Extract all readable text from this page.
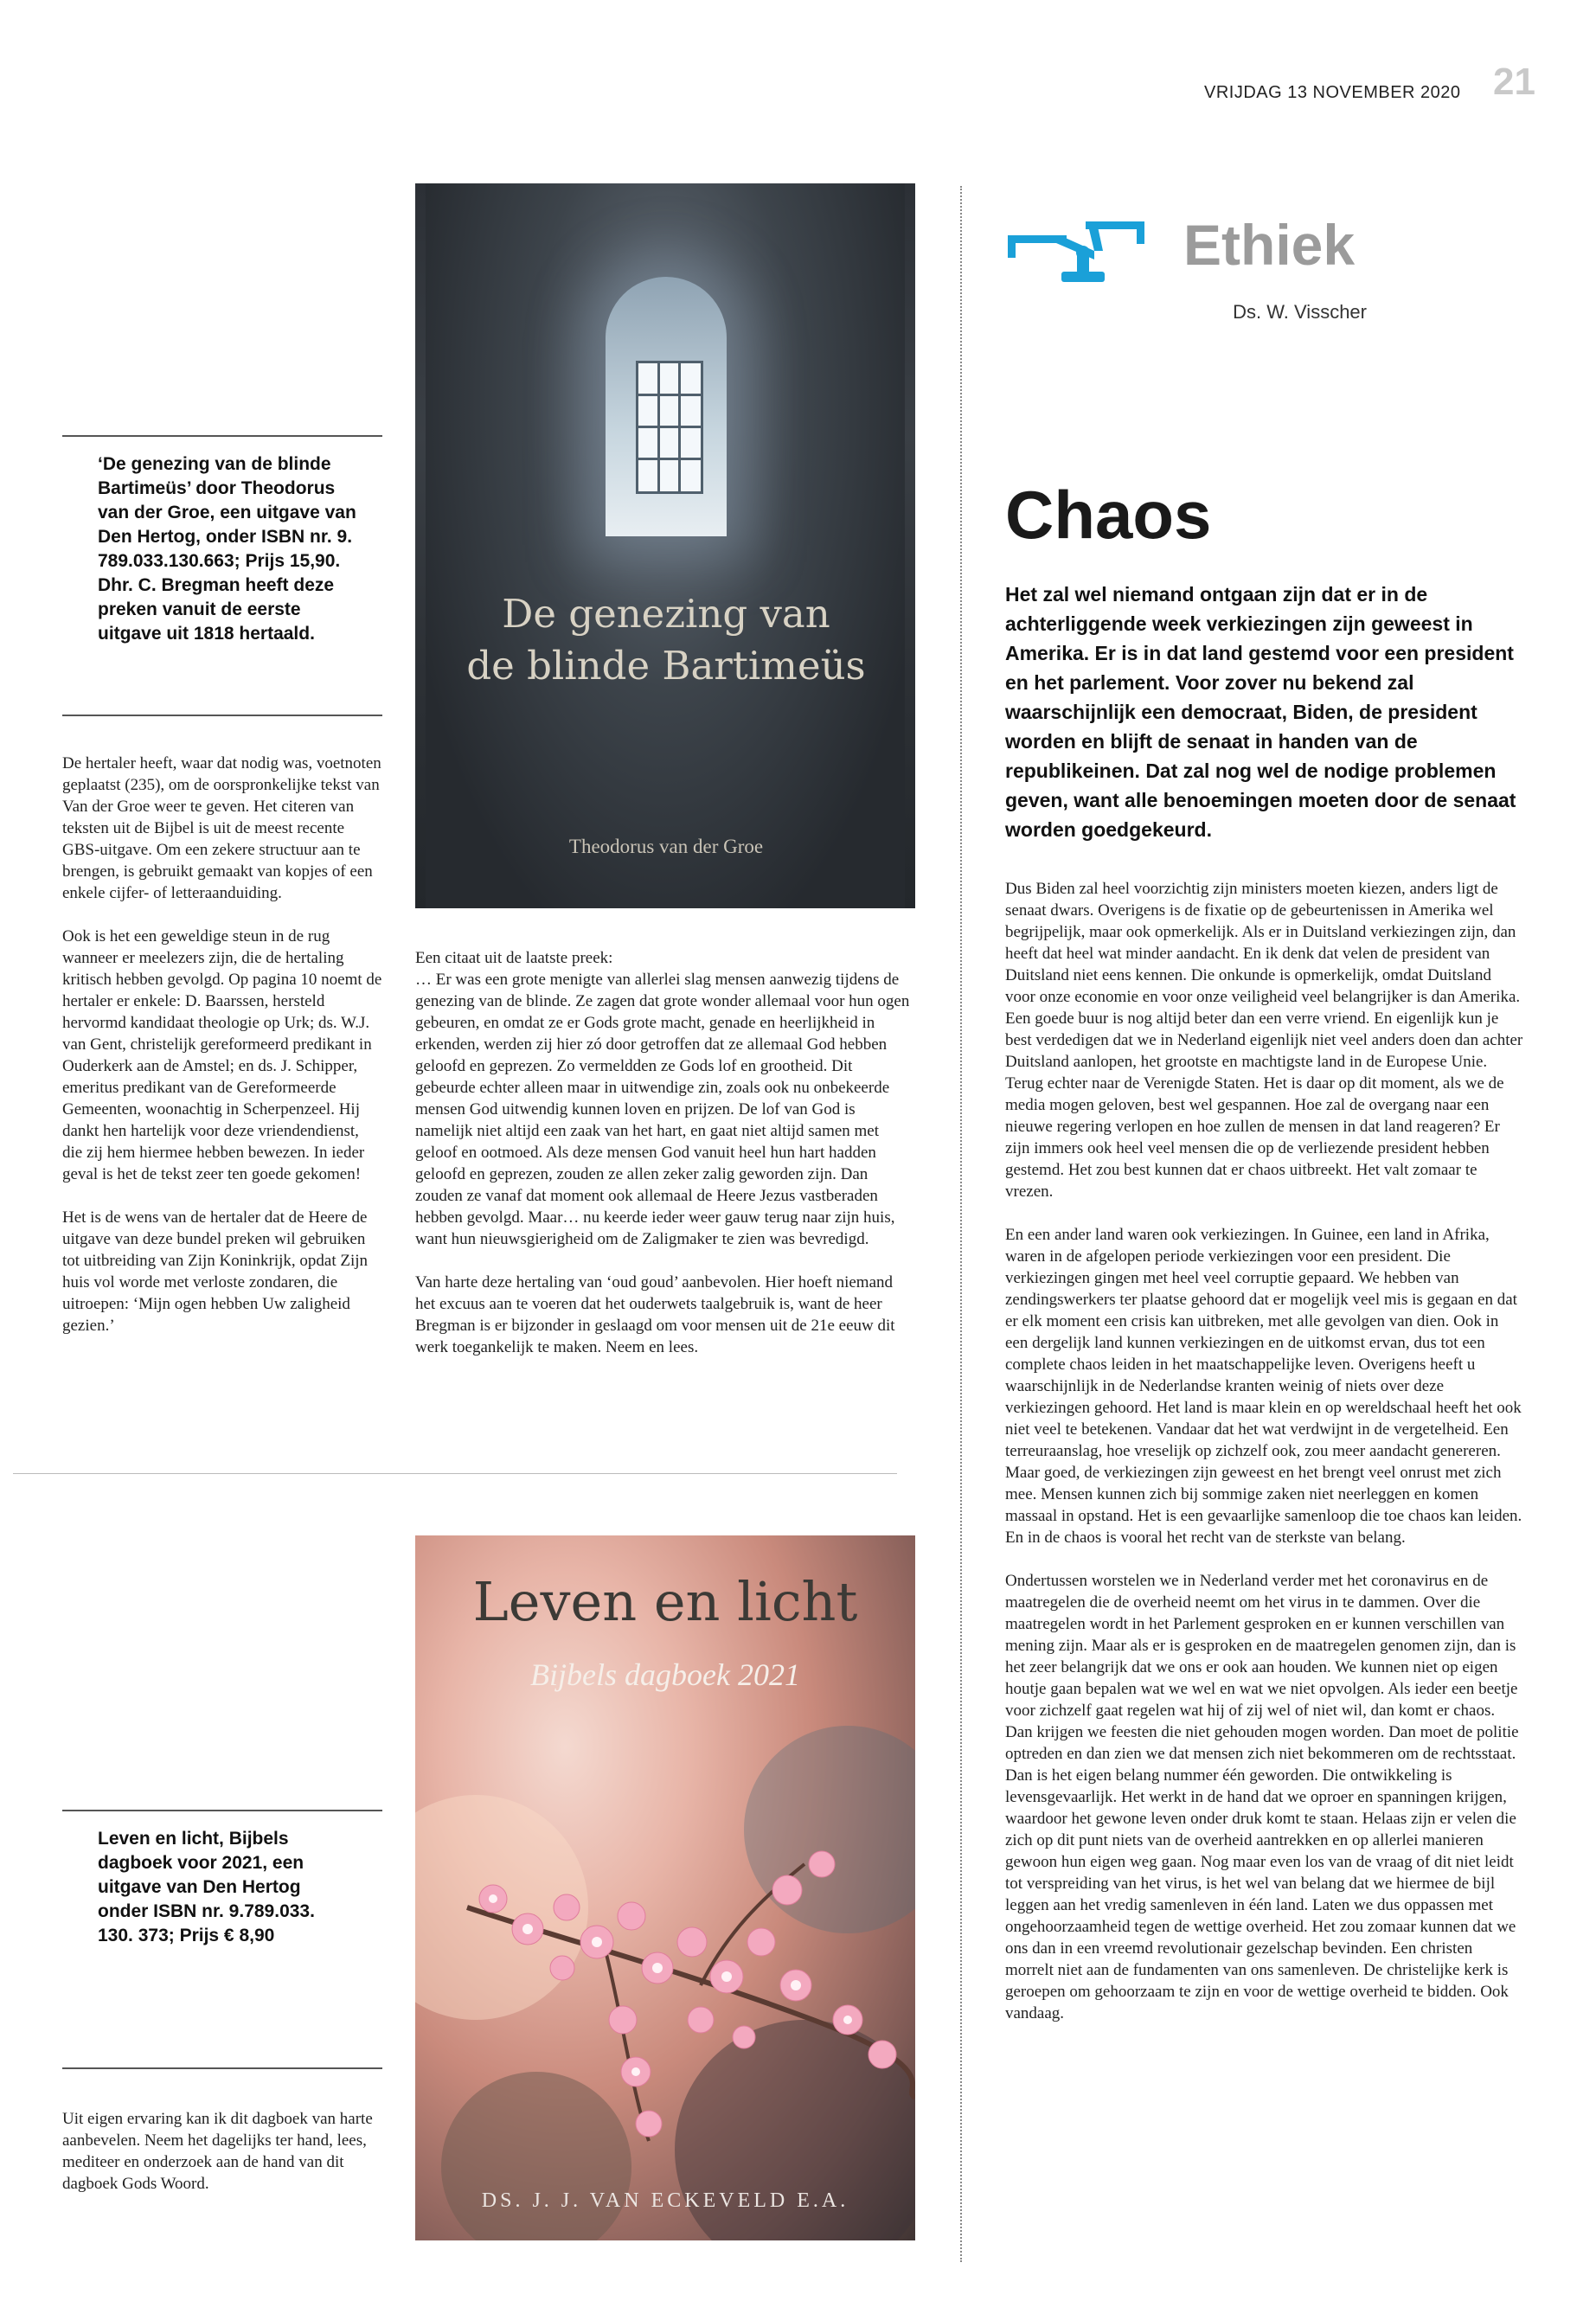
VRIJDAG 13 NOVEMBER 2020 21
‘De genezing van de blinde Bartimeüs’ door Theodorus van der Groe, een uitgave van Den Hertog, onder ISBN nr. 9. 789.033.130.663; Prijs 15,90. Dhr. C. Bregman heeft deze preken vanuit de eerste uitgave uit 1818 hertaald.

De hertaler heeft, waar dat nodig was, voetnoten geplaatst (235), om de oorspronkelijke tekst van Van der Groe weer te geven. Het citeren van teksten uit de Bijbel is uit de meest recente GBS-uitgave. Om een zekere structuur aan te brengen, is gebruikt gemaakt van kopjes of een enkele cijfer- of letteraanduiding.

Ook is het een geweldige steun in de rug wanneer er meelezers zijn, die de hertaling kritisch hebben gevolgd. Op pagina 10 noemt de hertaler er enkele: D. Baarssen, hersteld hervormd kandidaat theologie op Urk; ds. W.J. van Gent, christelijk gereformeerd predikant in Ouderkerk aan de Amstel; en ds. J. Schipper, emeritus predikant van de Gereformeerde Gemeenten, woonachtig in Scherpenzeel. Hij dankt hen hartelijk voor deze vriendendienst, die zij hem hiermee hebben bewezen. In ieder geval is het de tekst zeer ten goede gekomen!

Het is de wens van de hertaler dat de Heere de uitgave van deze bundel preken wil gebruiken tot uitbreiding van Zijn Koninkrijk, opdat Zijn huis vol worde met verloste zondaren, die uitroepen: ‘Mijn ogen hebben Uw zaligheid gezien.’

De genezing van
de blinde Bartimeüs
Theodorus van der Groe

Een citaat uit de laatste preek:
… Er was een grote menigte van allerlei slag mensen aanwezig tijdens de genezing van de blinde. Ze zagen dat grote wonder allemaal voor hun ogen gebeuren, en omdat ze er Gods grote macht, genade en heerlijkheid in erkenden, werden zij hier zó door getroffen dat ze allemaal God hebben geloofd en geprezen. Zo vermeldden ze Gods lof en grootheid. Dit gebeurde echter alleen maar in uitwendige zin, zoals ook nu onbekeerde mensen God uitwendig kunnen loven en prijzen. De lof van God is namelijk niet altijd een zaak van het hart, en gaat niet altijd samen met geloof en ootmoed. Als deze mensen God vanuit heel hun hart hadden geloofd en geprezen, zouden ze allen zeker zalig geworden zijn. Dan zouden ze vanaf dat moment ook allemaal de Heere Jezus vastberaden hebben gevolgd. Maar… nu keerde ieder weer gauw terug naar zijn huis, want hun nieuwsgierigheid om de Zaligmaker te zien was bevredigd.

Van harte deze hertaling van ‘oud goud’ aanbevolen. Hier hoeft niemand het excuus aan te voeren dat het ouderwets taalgebruik is, want de heer Bregman is er bijzonder in geslaagd om voor mensen uit de 21e eeuw dit werk toegankelijk te maken. Neem en lees.

Leven en licht, Bijbels dagboek voor 2021, een uitgave van Den Hertog onder ISBN nr. 9.789.033. 130. 373; Prijs € 8,90

Uit eigen ervaring kan ik dit dagboek van harte aanbevelen. Neem het dagelijks ter hand, lees, mediteer en onderzoek aan de hand van dit dagboek Gods Woord.

Leven en licht
Bijbels dagboek 2021
DS. J. J. VAN ECKEVELD E.A.
Ethiek
Ds. W. Visscher
Chaos
Het zal wel niemand ontgaan zijn dat er in de achterliggende week verkiezingen zijn geweest in Amerika. Er is in dat land gestemd voor een president en het parlement. Voor zover nu bekend zal waarschijnlijk een democraat, Biden, de president worden en blijft de senaat in handen van de republikeinen. Dat zal nog wel de nodige problemen geven, want alle benoemingen moeten door de senaat worden goedgekeurd.

Dus Biden zal heel voorzichtig zijn ministers moeten kiezen, anders ligt de senaat dwars. Overigens is de fixatie op de gebeurtenissen in Amerika wel begrijpelijk, maar ook opmerkelijk. Als er in Duitsland verkiezingen zijn, dan heeft dat heel wat minder aandacht. En ik denk dat velen de president van Duitsland niet eens kennen. Die onkunde is opmerkelijk, omdat Duitsland voor onze economie en voor onze veiligheid veel belangrijker is dan Amerika. Een goede buur is nog altijd beter dan een verre vriend. En eigenlijk kun je best verdedigen dat we in Nederland eigenlijk niet veel anders doen dan achter Duitsland aanlopen, het grootste en machtigste land in de Europese Unie. Terug echter naar de Verenigde Staten. Het is daar op dit moment, als we de media mogen geloven, best wel gespannen. Hoe zal de overgang naar een nieuwe regering verlopen en hoe zullen de mensen in dat land reageren? Er zijn immers ook heel veel mensen die op de verliezende president hebben gestemd. Het zou best kunnen dat er chaos uitbreekt. Het valt zomaar te vrezen.

En een ander land waren ook verkiezingen. In Guinee, een land in Afrika, waren in de afgelopen periode verkiezingen voor een president. Die verkiezingen gingen met heel veel corruptie gepaard. We hebben van zendingswerkers ter plaatse gehoord dat er mogelijk veel mis is gegaan en dat er elk moment een crisis kan uitbreken, met alle gevolgen van dien. Ook in een dergelijk land kunnen verkiezingen en de uitkomst ervan, dus tot een complete chaos leiden in het maatschappelijke leven. Overigens heeft u waarschijnlijk in de Nederlandse kranten weinig of niets over deze verkiezingen gehoord. Het land is maar klein en op wereldschaal heeft het ook niet veel te betekenen. Vandaar dat het wat verdwijnt in de vergetelheid. Een terreuraanslag, hoe vreselijk op zichzelf ook, zou meer aandacht genereren. Maar goed, de verkiezingen zijn geweest en het brengt veel onrust met zich mee. Mensen kunnen zich bij sommige zaken niet neerleggen en komen massaal in opstand. Het is een gevaarlijke samenloop die toe chaos kan leiden. En in de chaos is vooral het recht van de sterkste van belang.

Ondertussen worstelen we in Nederland verder met het coronavirus en de maatregelen die de overheid neemt om het virus in te dammen. Over die maatregelen wordt in het Parlement gesproken en er kunnen verschillen van mening zijn. Maar als er is gesproken en de maatregelen genomen zijn, dan is het zeer belangrijk dat we ons er ook aan houden. We kunnen niet op eigen houtje gaan bepalen wat we wel en wat we niet opvolgen. Als ieder een beetje voor zichzelf gaat regelen wat hij of zij wel of niet wil, dan komt er chaos. Dan krijgen we feesten die niet gehouden mogen worden. Dan moet de politie optreden en dan zien we dat mensen zich niet bekommeren om de rechtsstaat. Dan is het eigen belang nummer één geworden. Die ontwikkeling is levensgevaarlijk. Het werkt in de hand dat we oproer en spanningen krijgen, waardoor het gewone leven onder druk komt te staan. Helaas zijn er velen die zich op dit punt niets van de overheid aantrekken en op allerlei manieren gewoon hun eigen weg gaan. Nog maar even los van de vraag of dit niet leidt tot verspreiding van het virus, is het wel van belang dat we hiermee de bijl leggen aan het vredig samenleven in één land. Laten we dus oppassen met ongehoorzaamheid tegen de wettige overheid. Het zou zomaar kunnen dat we ons dan in een vreemd revolutionair gezelschap bevinden. Een christen morrelt niet aan de fundamenten van ons samenleven. De christelijke kerk is geroepen om gehoorzaam te zijn en voor de wettige overheid te bidden. Ook vandaag.
